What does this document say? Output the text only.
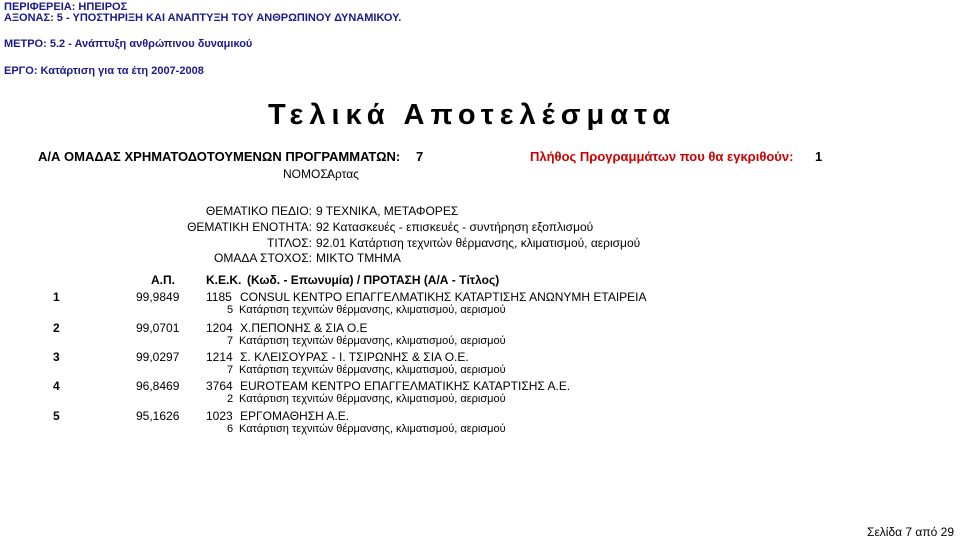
ΠΕΡΙΦΕΡΕΙΑ: ΗΠΕΙΡΟΣ
ΑΞΟΝΑΣ: 5 - ΥΠΟΣΤΗΡΙΞΗ ΚΑΙ ΑΝΑΠΤΥΞΗ ΤΟΥ ΑΝΘΡΩΠΙΝΟΥ ΔΥΝΑΜΙΚΟΥ.
ΜΕΤΡΟ: 5.2 - Ανάπτυξη ανθρώπινου δυναμικού
ΕΡΓΟ: Κατάρτιση για τα έτη 2007-2008
Τελικά Αποτελέσματα
Α/Α ΟΜΑΔΑΣ ΧΡΗΜΑΤΟΔΟΤΟΥΜΕΝΩΝ ΠΡΟΓΡΑΜΜΑΤΩΝ: 7	Πλήθος Προγραμμάτων που θα εγκριθούν: 1
ΝΟΜΟΣ:
Αρτας
ΘΕΜΑΤΙΚΟ ΠΕΔΙΟ: 9 ΤΕΧΝΙΚΑ, ΜΕΤΑΦΟΡΕΣ
ΘΕΜΑΤΙΚΗ ΕΝΟΤΗΤΑ: 92 Κατασκευές - επισκευές - συντήρηση εξοπλισμού
ΤΙΤΛΟΣ: 92.01 Κατάρτιση τεχνιτών θέρμανσης, κλιματισμού, αερισμού
ΟΜΑΔΑ ΣΤΟΧΟΣ: ΜΙΚΤΟ ΤΜΗΜΑ
Α.Π.	Κ.Ε.Κ. (Κωδ. - Επωνυμία) / ΠΡΟΤΑΣΗ (Α/Α - Τίτλος)
1	99,9849 1185 CONSUL ΚΕΝΤΡΟ ΕΠΑΓΓΕΛΜΑΤΙΚΗΣ ΚΑΤΑΡΤΙΣΗΣ ΑΝΩΝΥΜΗ ΕΤΑΙΡΕΙΑ
5 Κατάρτιση τεχνιτών θέρμανσης, κλιματισμού, αερισμού
2	99,0701 1204 Χ.ΠΕΠΟΝΗΣ & ΣΙΑ Ο.Ε
7 Κατάρτιση τεχνιτών θέρμανσης, κλιματισμού, αερισμού
3	99,0297 1214 Σ. ΚΛΕΙΣΟΥΡΑΣ - Ι. ΤΣΙΡΩΝΗΣ & ΣΙΑ Ο.Ε.
7 Κατάρτιση τεχνιτών θέρμανσης, κλιματισμού, αερισμού
4	96,8469 3764 EUROTEAM ΚΕΝΤΡΟ ΕΠΑΓΓΕΛΜΑΤΙΚΗΣ ΚΑΤΑΡΤΙΣΗΣ Α.Ε.
2 Κατάρτιση τεχνιτών θέρμανσης, κλιματισμού, αερισμού
5	95,1626 1023 ΕΡΓΟΜΑΘΗΣΗ Α.Ε.
6 Κατάρτιση τεχνιτών θέρμανσης, κλιματισμού, αερισμού
Σελίδα 7 από 29
